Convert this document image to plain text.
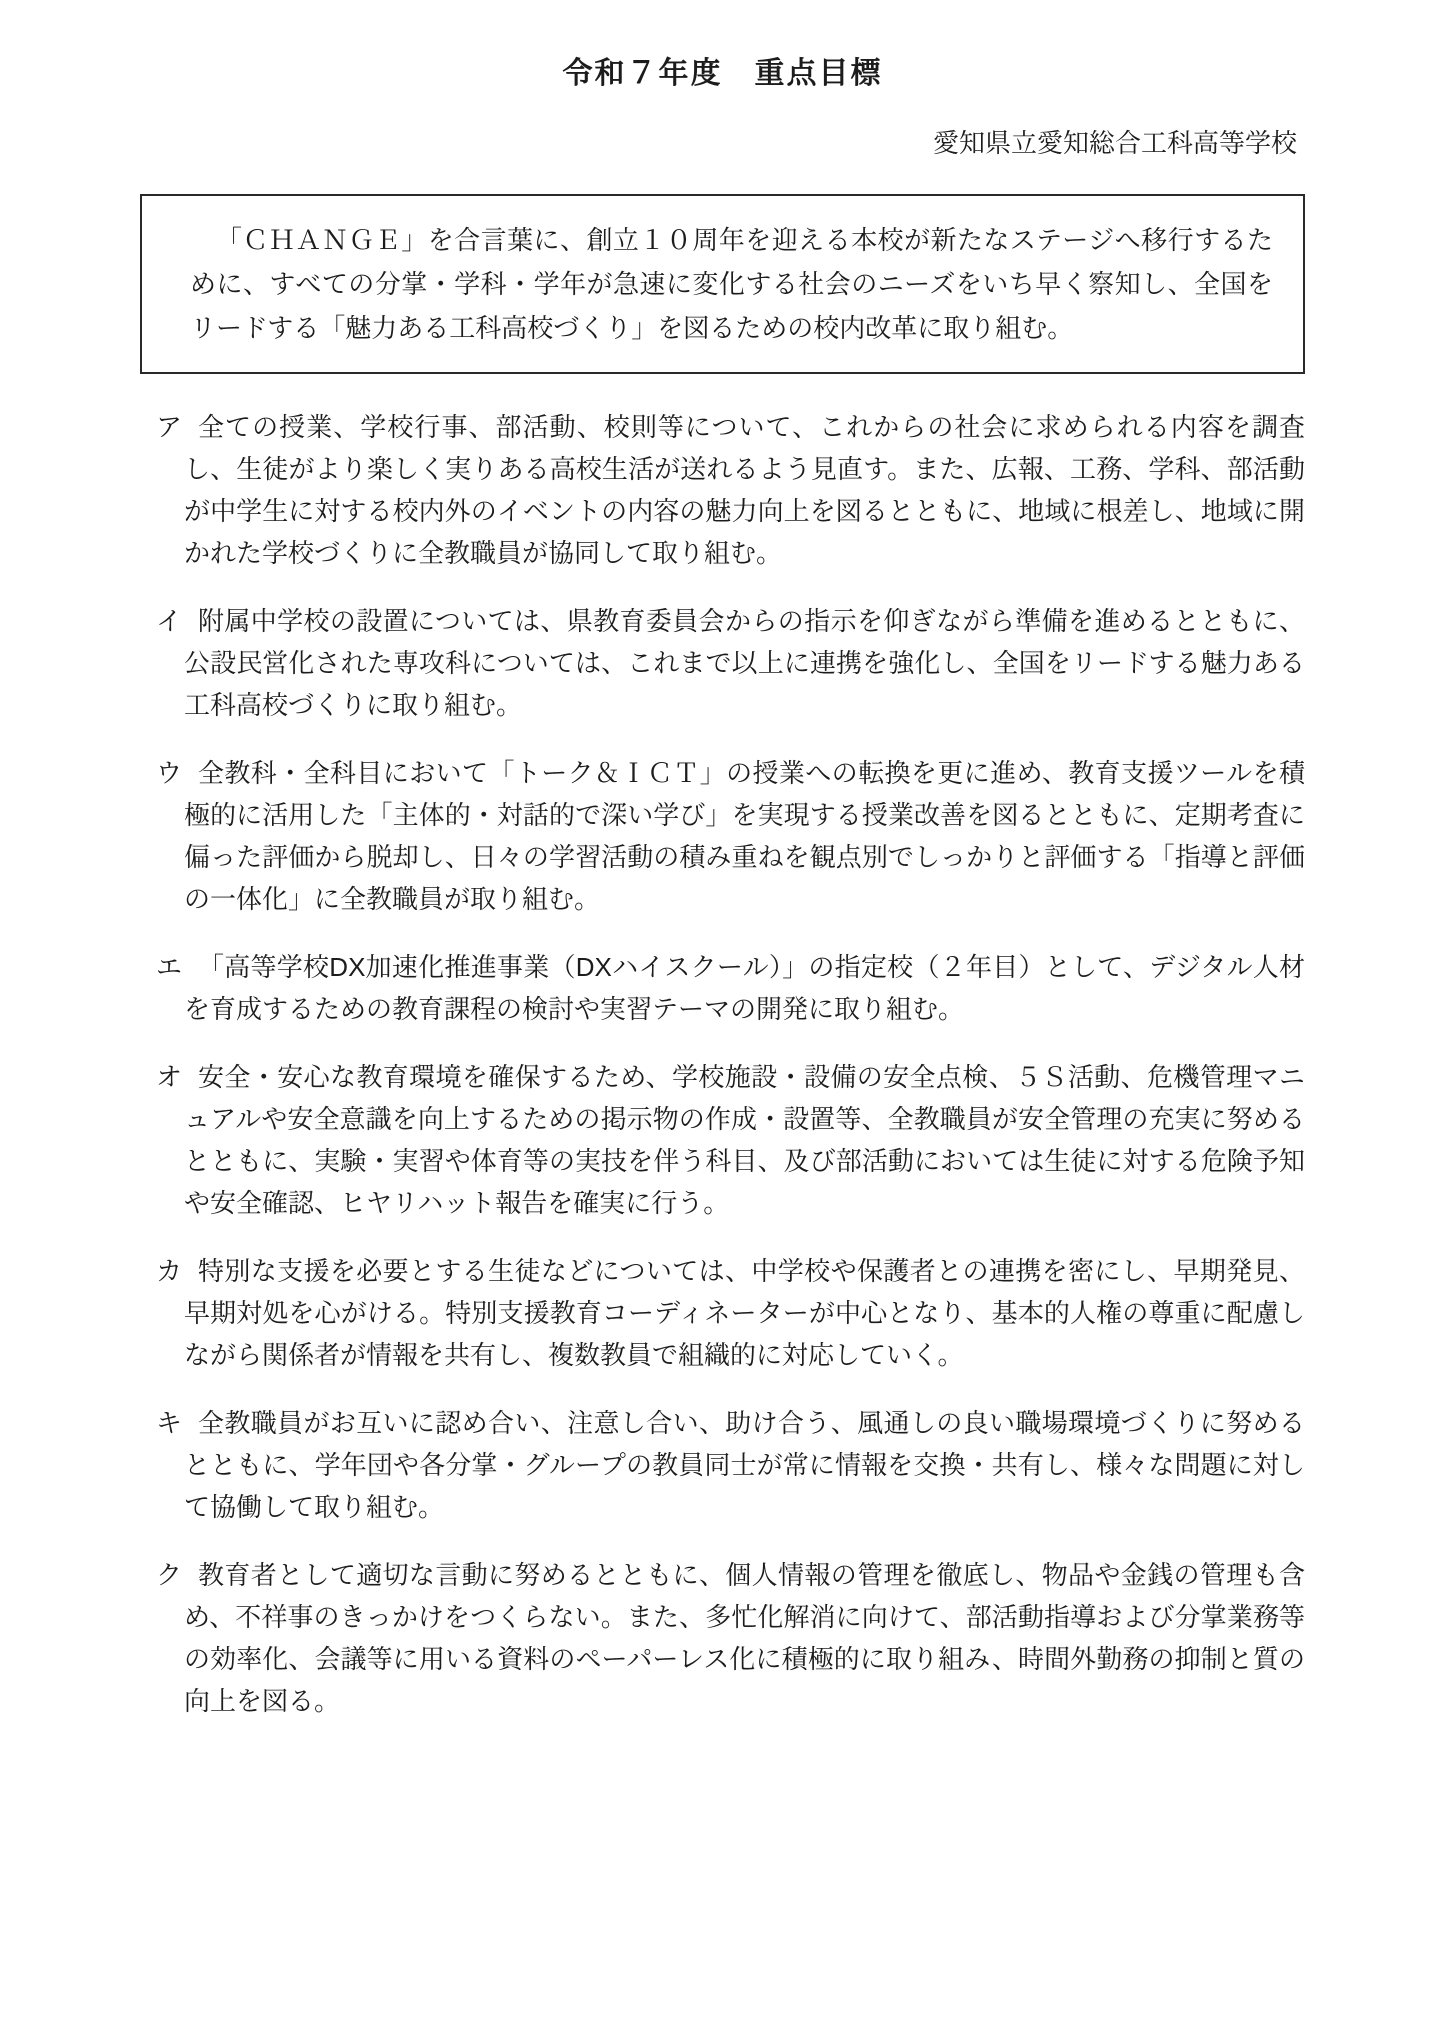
令和７年度　重点目標
愛知県立愛知総合工科高等学校

「ＣＨＡＮＧＥ」を合言葉に、創立１０周年を迎える本校が新たなステージへ移行するために、すべての分掌・学科・学年が急速に変化する社会のニーズをいち早く察知し、全国をリードする「魅力ある工科高校づくり」を図るための校内改革に取り組む。

ア 全ての授業、学校行事、部活動、校則等について、これからの社会に求められる内容を調査し、生徒がより楽しく実りある高校生活が送れるよう見直す。また、広報、工務、学科、部活動が中学生に対する校内外のイベントの内容の魅力向上を図るとともに、地域に根差し、地域に開かれた学校づくりに全教職員が協同して取り組む。

イ 附属中学校の設置については、県教育委員会からの指示を仰ぎながら準備を進めるとともに、公設民営化された専攻科については、これまで以上に連携を強化し、全国をリードする魅力ある工科高校づくりに取り組む。

ウ 全教科・全科目において「トーク＆ＩＣＴ」の授業への転換を更に進め、教育支援ツールを積極的に活用した「主体的・対話的で深い学び」を実現する授業改善を図るとともに、定期考査に偏った評価から脱却し、日々の学習活動の積み重ねを観点別でしっかりと評価する「指導と評価の一体化」に全教職員が取り組む。

エ 「高等学校DX加速化推進事業（DXハイスクール）」の指定校（２年目）として、デジタル人材を育成するための教育課程の検討や実習テーマの開発に取り組む。

オ 安全・安心な教育環境を確保するため、学校施設・設備の安全点検、５Ｓ活動、危機管理マニュアルや安全意識を向上するための掲示物の作成・設置等、全教職員が安全管理の充実に努めるとともに、実験・実習や体育等の実技を伴う科目、及び部活動においては生徒に対する危険予知や安全確認、ヒヤリハット報告を確実に行う。

カ 特別な支援を必要とする生徒などについては、中学校や保護者との連携を密にし、早期発見、早期対処を心がける。特別支援教育コーディネーターが中心となり、基本的人権の尊重に配慮しながら関係者が情報を共有し、複数教員で組織的に対応していく。

キ 全教職員がお互いに認め合い、注意し合い、助け合う、風通しの良い職場環境づくりに努めるとともに、学年団や各分掌・グループの教員同士が常に情報を交換・共有し、様々な問題に対して協働して取り組む。

ク 教育者として適切な言動に努めるとともに、個人情報の管理を徹底し、物品や金銭の管理も含め、不祥事のきっかけをつくらない。また、多忙化解消に向けて、部活動指導および分掌業務等の効率化、会議等に用いる資料のペーパーレス化に積極的に取り組み、時間外勤務の抑制と質の向上を図る。
